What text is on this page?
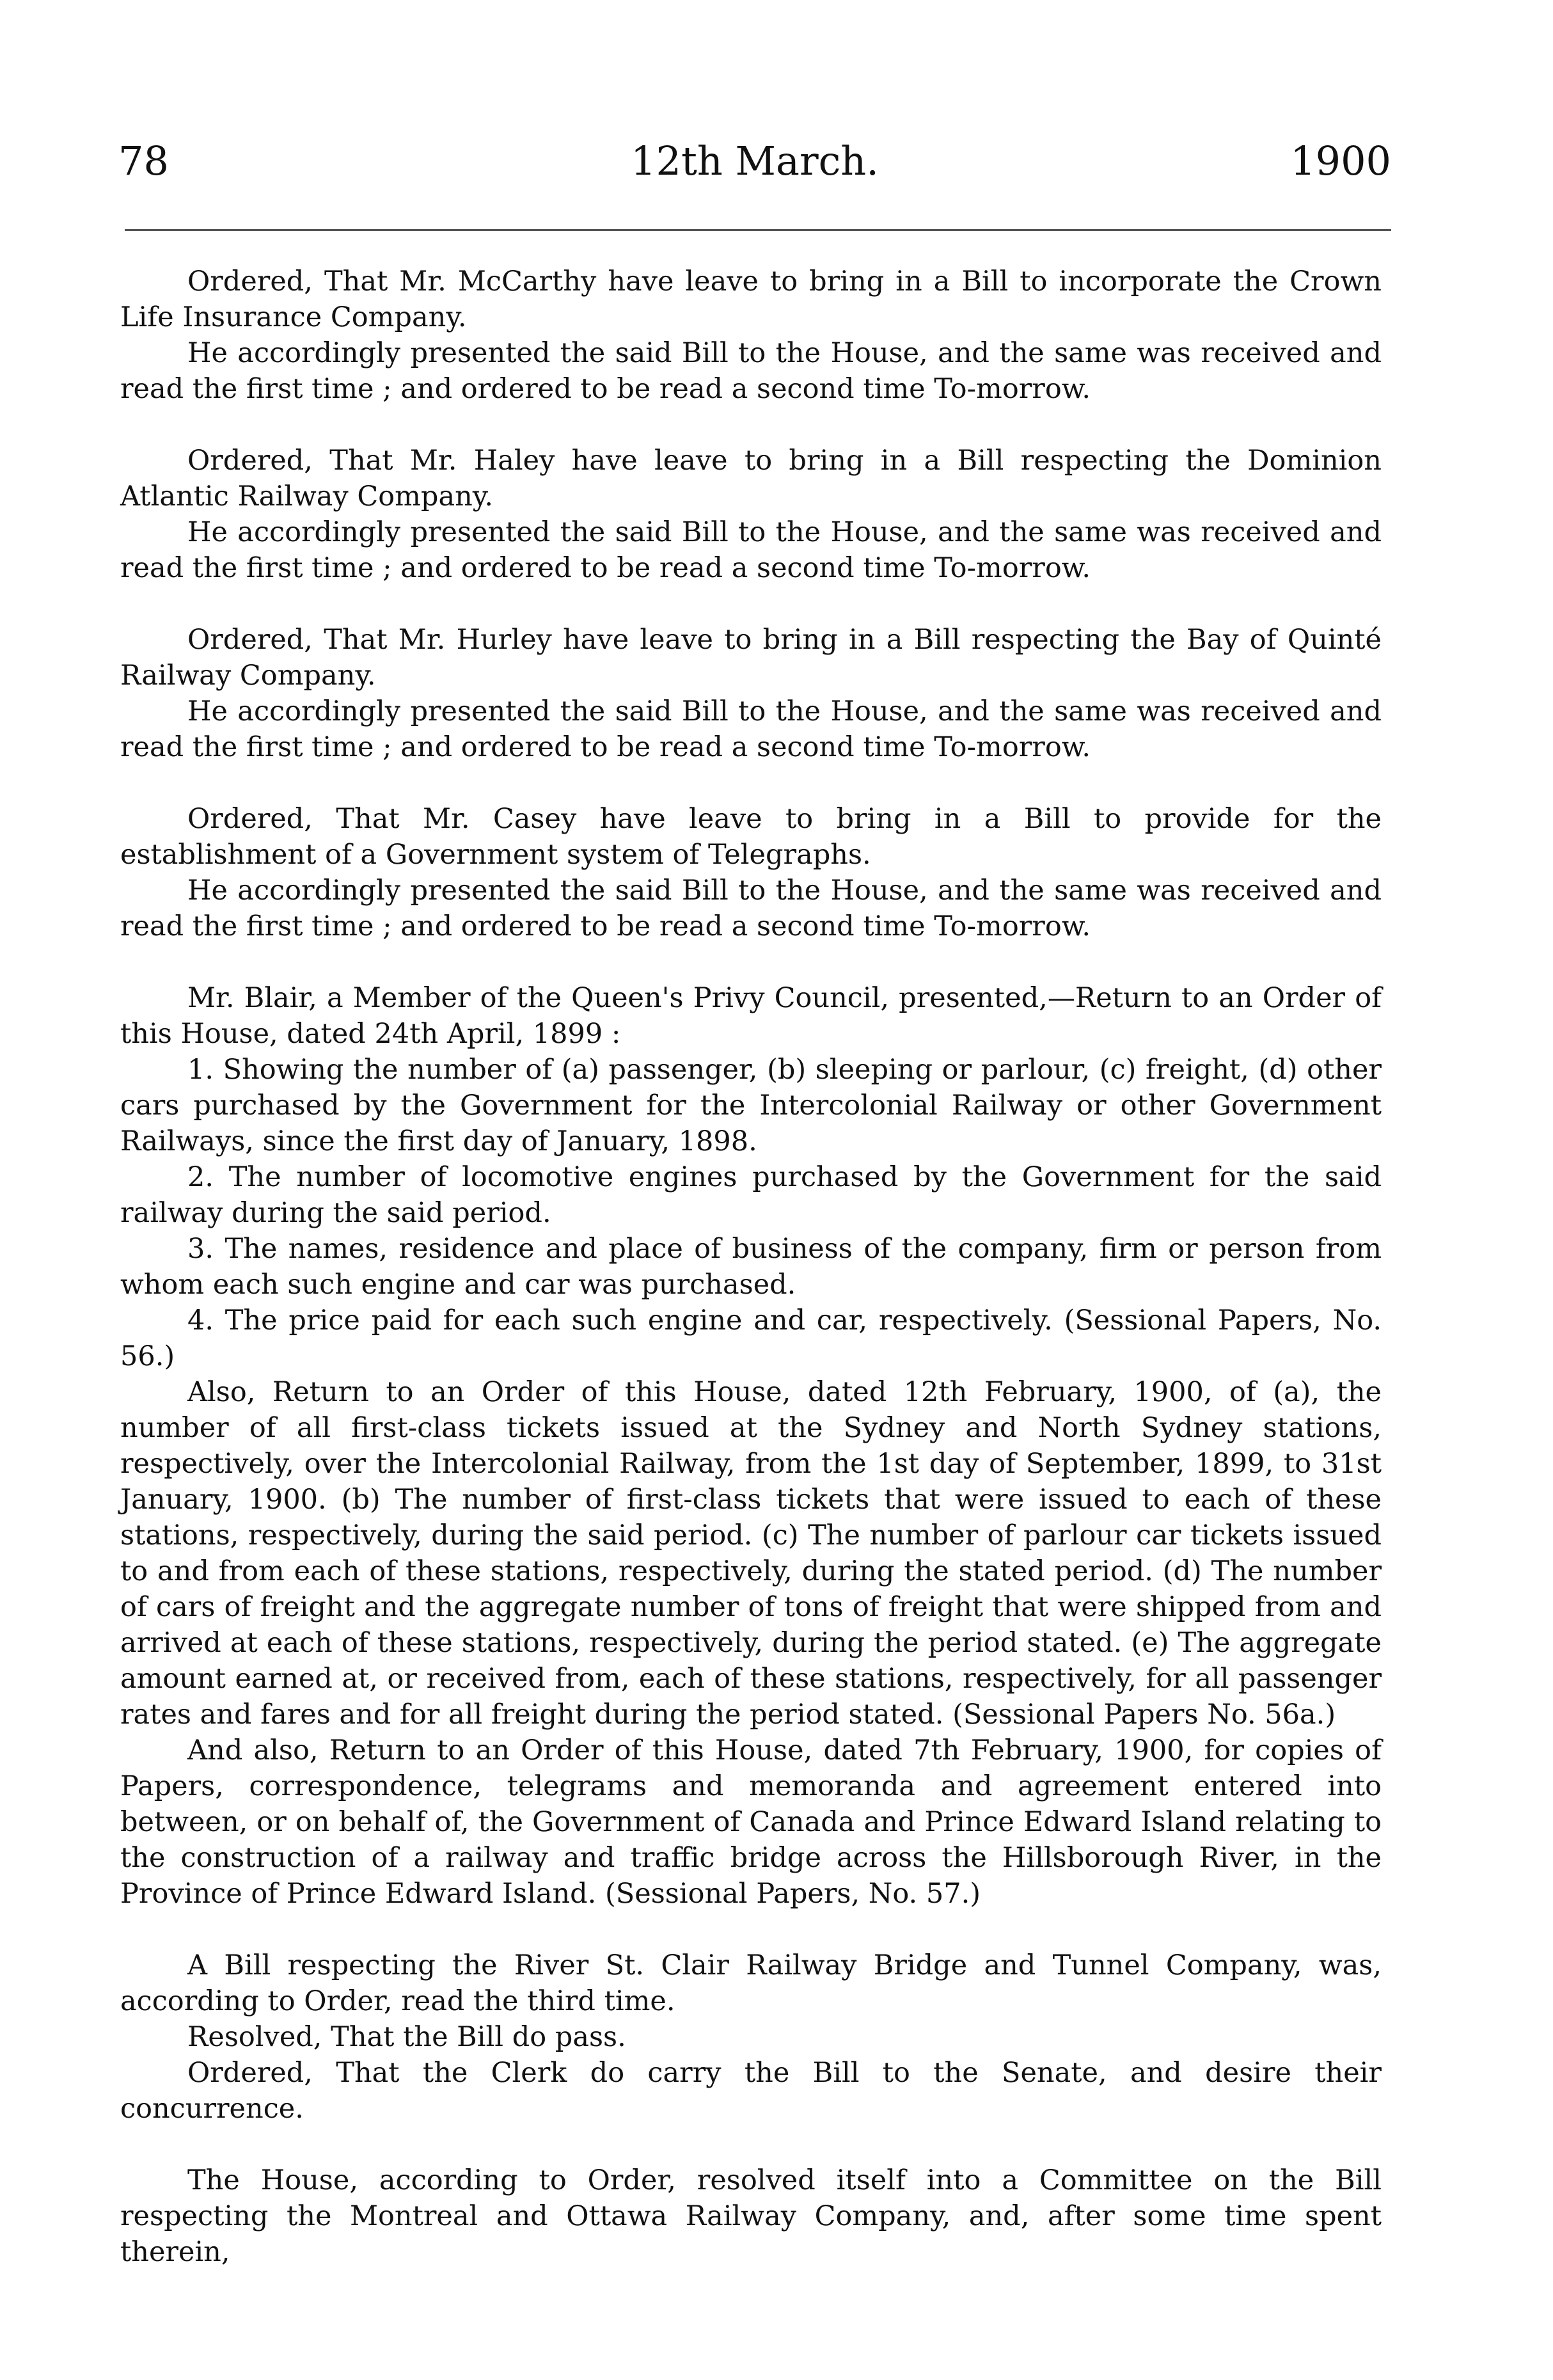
78	12th March.	1900

Ordered, That Mr. McCarthy have leave to bring in a Bill to incorporate the Crown Life Insurance Company.

He accordingly presented the said Bill to the House, and the same was received and read the first time ; and ordered to be read a second time To-morrow.

Ordered, That Mr. Haley have leave to bring in a Bill respecting the Dominion Atlantic Railway Company.

He accordingly presented the said Bill to the House, and the same was received and read the first time ; and ordered to be read a second time To-morrow.

Ordered, That Mr. Hurley have leave to bring in a Bill respecting the Bay of Quinté Railway Company.

He accordingly presented the said Bill to the House, and the same was received and read the first time ; and ordered to be read a second time To-morrow.

Ordered, That Mr. Casey have leave to bring in a Bill to provide for the establishment of a Government system of Telegraphs.

He accordingly presented the said Bill to the House, and the same was received and read the first time ; and ordered to be read a second time To-morrow.

Mr. Blair, a Member of the Queen's Privy Council, presented,—Return to an Order of this House, dated 24th April, 1899 :

1. Showing the number of (a) passenger, (b) sleeping or parlour, (c) freight, (d) other cars purchased by the Government for the Intercolonial Railway or other Government Railways, since the first day of January, 1898.

2. The number of locomotive engines purchased by the Government for the said railway during the said period.

3. The names, residence and place of business of the company, firm or person from whom each such engine and car was purchased.

4. The price paid for each such engine and car, respectively. (Sessional Papers, No. 56.)

Also, Return to an Order of this House, dated 12th February, 1900, of (a), the number of all first-class tickets issued at the Sydney and North Sydney stations, respectively, over the Intercolonial Railway, from the 1st day of September, 1899, to 31st January, 1900. (b) The number of first-class tickets that were issued to each of these stations, respectively, during the said period. (c) The number of parlour car tickets issued to and from each of these stations, respectively, during the stated period. (d) The number of cars of freight and the aggregate number of tons of freight that were shipped from and arrived at each of these stations, respectively, during the period stated. (e) The aggregate amount earned at, or received from, each of these stations, respectively, for all passenger rates and fares and for all freight during the period stated. (Sessional Papers No. 56a.)

And also, Return to an Order of this House, dated 7th February, 1900, for copies of Papers, correspondence, telegrams and memoranda and agreement entered into between, or on behalf of, the Government of Canada and Prince Edward Island relating to the construction of a railway and traffic bridge across the Hillsborough River, in the Province of Prince Edward Island. (Sessional Papers, No. 57.)

A Bill respecting the River St. Clair Railway Bridge and Tunnel Company, was, according to Order, read the third time.

Resolved, That the Bill do pass.

Ordered, That the Clerk do carry the Bill to the Senate, and desire their concurrence.

The House, according to Order, resolved itself into a Committee on the Bill respecting the Montreal and Ottawa Railway Company, and, after some time spent therein,
